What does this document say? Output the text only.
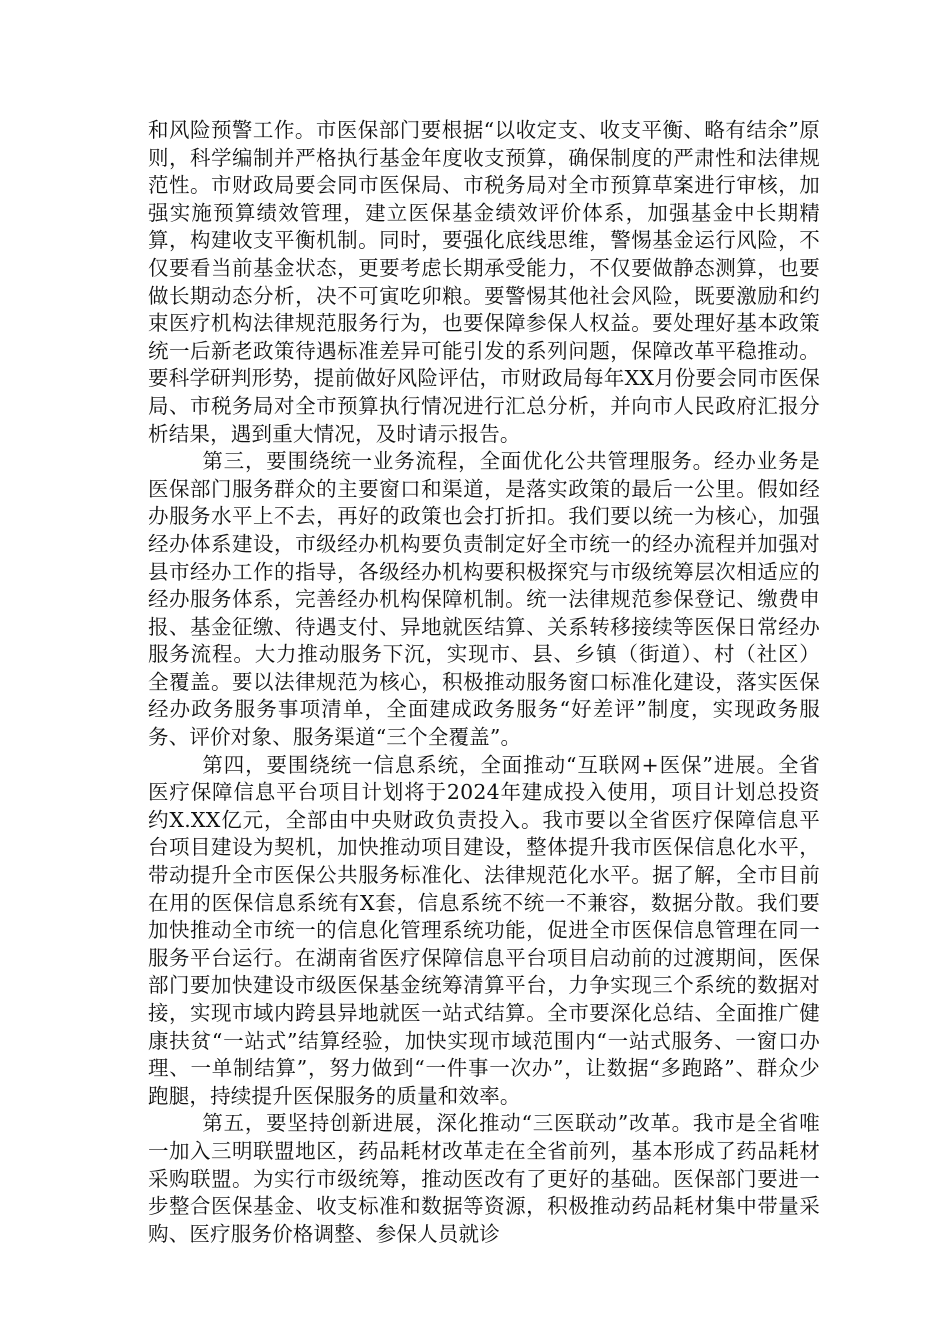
和风险预警工作。市医保部门要根据“以收定支、收支平衡、略有结余”原则，科学编制并严格执行基金年度收支预算，确保制度的严肃性和法律规范性。市财政局要会同市医保局、市税务局对全市预算草案进行审核，加强实施预算绩效管理，建立医保基金绩效评价体系，加强基金中长期精算，构建收支平衡机制。同时，要强化底线思维，警惕基金运行风险，不仅要看当前基金状态，更要考虑长期承受能力，不仅要做静态测算，也要做长期动态分析，决不可寅吃卯粮。要警惕其他社会风险，既要激励和约束医疗机构法律规范服务行为，也要保障参保人权益。要处理好基本政策统一后新老政策待遇标准差异可能引发的系列问题，保障改革平稳推动。要科学研判形势，提前做好风险评估，市财政局每年XX月份要会同市医保局、市税务局对全市预算执行情况进行汇总分析，并向市人民政府汇报分析结果，遇到重大情况，及时请示报告。

第三，要围绕统一业务流程，全面优化公共管理服务。经办业务是医保部门服务群众的主要窗口和渠道，是落实政策的最后一公里。假如经办服务水平上不去，再好的政策也会打折扣。我们要以统一为核心，加强经办体系建设，市级经办机构要负责制定好全市统一的经办流程并加强对县市经办工作的指导，各级经办机构要积极探究与市级统筹层次相适应的经办服务体系，完善经办机构保障机制。统一法律规范参保登记、缴费申报、基金征缴、待遇支付、异地就医结算、关系转移接续等医保日常经办服务流程。大力推动服务下沉，实现市、县、乡镇（街道）、村（社区）全覆盖。要以法律规范为核心，积极推动服务窗口标准化建设，落实医保经办政务服务事项清单，全面建成政务服务“好差评”制度，实现政务服务、评价对象、服务渠道“三个全覆盖”。

第四，要围绕统一信息系统，全面推动“互联网+医保”进展。全省医疗保障信息平台项目计划将于2024年建成投入使用，项目计划总投资约X.XX亿元，全部由中央财政负责投入。我市要以全省医疗保障信息平台项目建设为契机，加快推动项目建设，整体提升我市医保信息化水平，带动提升全市医保公共服务标准化、法律规范化水平。据了解，全市目前在用的医保信息系统有X套，信息系统不统一不兼容，数据分散。我们要加快推动全市统一的信息化管理系统功能，促进全市医保信息管理在同一服务平台运行。在湖南省医疗保障信息平台项目启动前的过渡期间，医保部门要加快建设市级医保基金统筹清算平台，力争实现三个系统的数据对接，实现市域内跨县异地就医一站式结算。全市要深化总结、全面推广健康扶贫“一站式”结算经验，加快实现市域范围内“一站式服务、一窗口办理、一单制结算”，努力做到“一件事一次办”，让数据“多跑路”、群众少跑腿，持续提升医保服务的质量和效率。

第五，要坚持创新进展，深化推动“三医联动”改革。我市是全省唯一加入三明联盟地区，药品耗材改革走在全省前列，基本形成了药品耗材采购联盟。为实行市级统筹，推动医改有了更好的基础。医保部门要进一步整合医保基金、收支标准和数据等资源，积极推动药品耗材集中带量采购、医疗服务价格调整、参保人员就诊
